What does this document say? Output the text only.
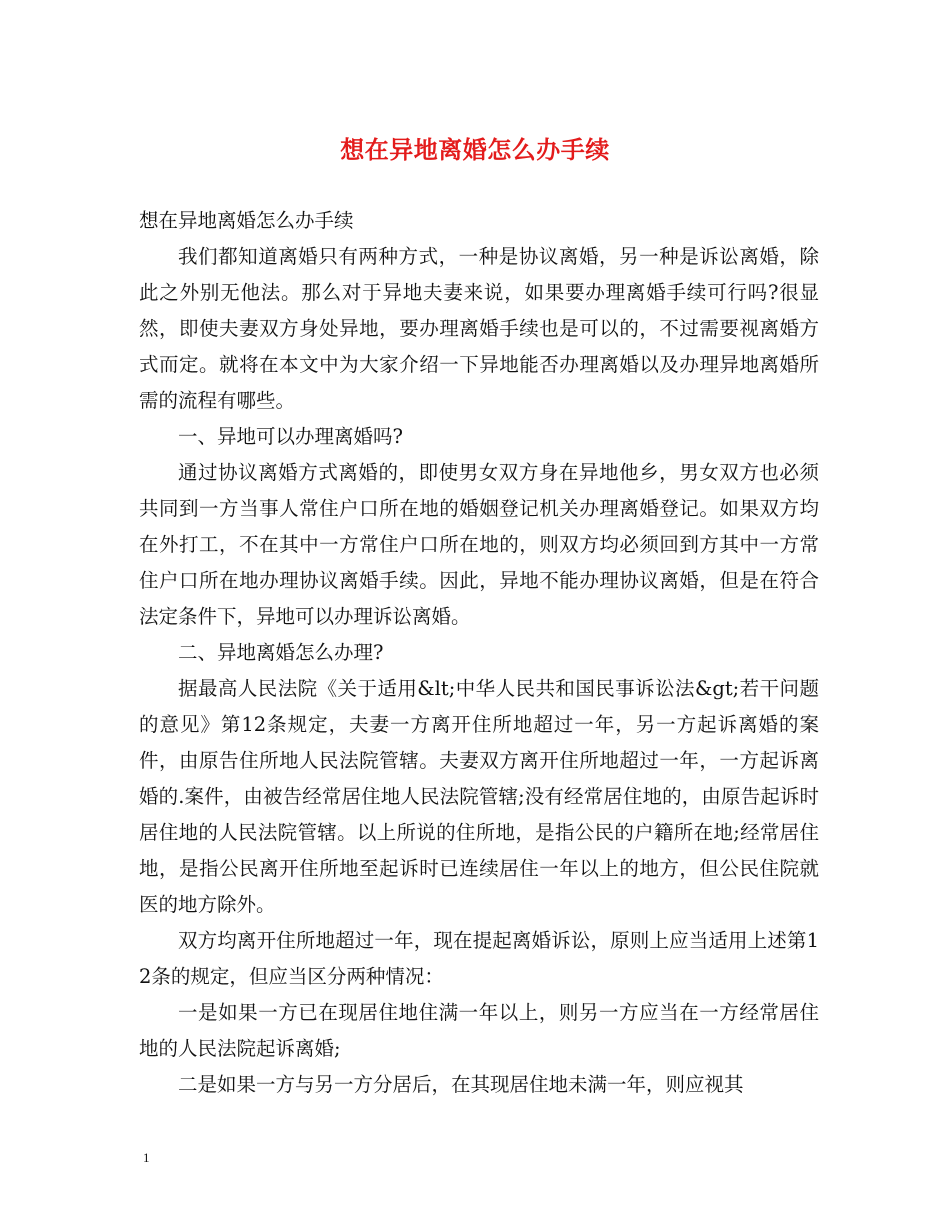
想在异地离婚怎么办手续

想在异地离婚怎么办手续

我们都知道离婚只有两种方式，一种是协议离婚，另一种是诉讼离婚，除此之外别无他法。那么对于异地夫妻来说，如果要办理离婚手续可行吗?很显然，即使夫妻双方身处异地，要办理离婚手续也是可以的，不过需要视离婚方式而定。就将在本文中为大家介绍一下异地能否办理离婚以及办理异地离婚所需的流程有哪些。

一、异地可以办理离婚吗?

通过协议离婚方式离婚的，即使男女双方身在异地他乡，男女双方也必须共同到一方当事人常住户口所在地的婚姻登记机关办理离婚登记。如果双方均在外打工，不在其中一方常住户口所在地的，则双方均必须回到方其中一方常住户口所在地办理协议离婚手续。因此，异地不能办理协议离婚，但是在符合法定条件下，异地可以办理诉讼离婚。

二、异地离婚怎么办理?

据最高人民法院《关于适用&lt;中华人民共和国民事诉讼法&gt;若干问题的意见》第12条规定，夫妻一方离开住所地超过一年，另一方起诉离婚的案件，由原告住所地人民法院管辖。夫妻双方离开住所地超过一年，一方起诉离婚的.案件，由被告经常居住地人民法院管辖;没有经常居住地的，由原告起诉时居住地的人民法院管辖。以上所说的住所地，是指公民的户籍所在地;经常居住地，是指公民离开住所地至起诉时已连续居住一年以上的地方，但公民住院就医的地方除外。

双方均离开住所地超过一年，现在提起离婚诉讼，原则上应当适用上述第12条的规定，但应当区分两种情况：

一是如果一方已在现居住地住满一年以上，则另一方应当在一方经常居住地的人民法院起诉离婚;

二是如果一方与另一方分居后，在其现居住地未满一年，则应视其

1
